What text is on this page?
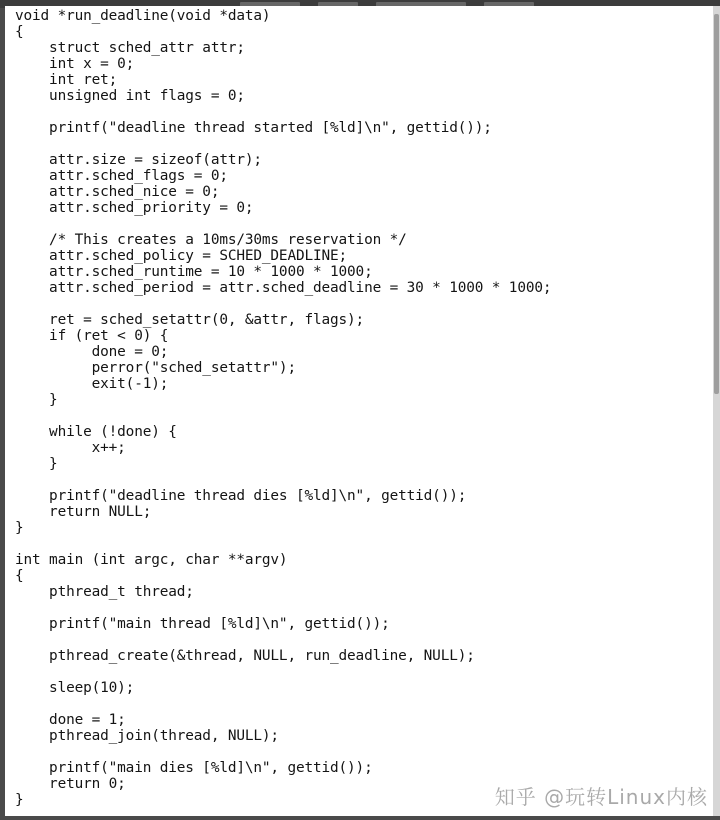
void *run_deadline(void *data)
{
struct sched_attr attr;
int x = 0;
int ret;
unsigned int flags = 0;
printf("deadline thread started [%ld]\n", gettid());
attr.size = sizeof(attr);
attr.sched_flags = 0;
attr.sched_nice = 0;
attr.sched_priority = 0;
/* This creates a 10ms/30ms reservation */
attr.sched_policy = SCHED_DEADLINE;
attr.sched_runtime = 10 * 1000 * 1000;
attr.sched_period = attr.sched_deadline = 30 * 1000 * 1000;
ret = sched_setattr(0, &attr, flags);
if (ret < 0) {
done = 0;
perror("sched_setattr");
exit(-1);
}
while (!done) {
x++;
}
printf("deadline thread dies [%ld]\n", gettid());
return NULL;
}
int main (int argc, char **argv)
{
pthread_t thread;
printf("main thread [%ld]\n", gettid());
pthread_create(&thread, NULL, run_deadline, NULL);
sleep(10);
done = 1;
pthread_join(thread, NULL);
printf("main dies [%ld]\n", gettid());
return 0;
}	知乎 @玩转Linux内核
